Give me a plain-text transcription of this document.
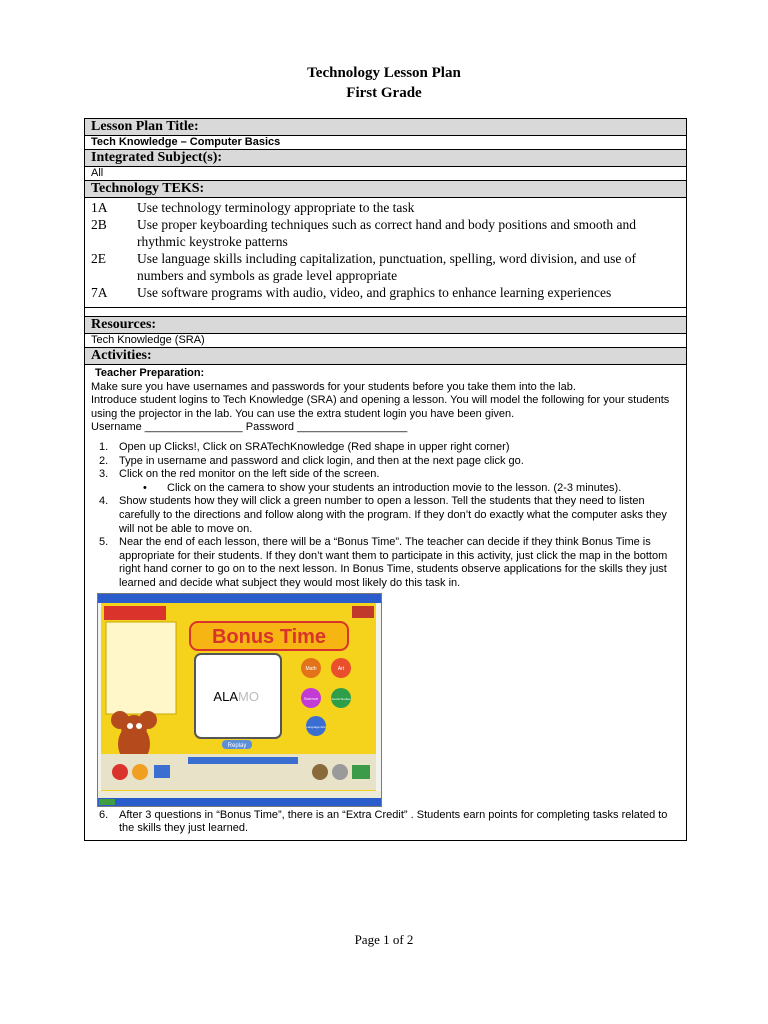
Technology Lesson Plan
First Grade
Lesson Plan Title:
Tech Knowledge – Computer Basics
Integrated Subject(s):
All
Technology TEKS:
1A	Use technology terminology appropriate to the task
2B	Use proper keyboarding techniques such as correct hand and body positions and smooth and rhythmic keystroke patterns
2E	Use language skills including capitalization, punctuation, spelling, word division, and use of numbers and symbols as grade level appropriate
7A	Use software programs with audio, video, and graphics to enhance learning experiences
Resources:
Tech Knowledge (SRA)
Activities:
Teacher Preparation:
Make sure you have usernames and passwords for your students before you take them into the lab.
Introduce student logins to Tech Knowledge (SRA) and opening a lesson. You will model the following for your students using the projector in the lab. You can use the extra student login you have been given.
Username ________________ Password __________________
1. Open up Clicks!, Click on SRATechKnowledge (Red shape in upper right corner)
2. Type in username and password and click login, and then at the next page click go.
3. Click on the red monitor on the left side of the screen.
•	Click on the camera to show your students an introduction movie to the lesson. (2-3 minutes).
4. Show students how they will click a green number to open a lesson. Tell the students that they need to listen carefully to the directions and follow along with the program. If they don’t do exactly what the computer asks they will not be able to move on.
5. Near the end of each lesson, there will be a “Bonus Time”. The teacher can decide if they think Bonus Time is appropriate for their students. If they don’t want them to participate in this activity, just click the map in the bottom right hand corner to go on to the next lesson. In Bonus Time, students observe applications for the skills they just learned and decide what subject they would most likely do this task in.
Bonus Time
ALA MO
Replay
Math	Art
Science	Social Studies
Language Arts
6. After 3 questions in “Bonus Time”, there is an “Extra Credit” . Students earn points for completing tasks related to the skills they just learned.
Page 1 of 2
